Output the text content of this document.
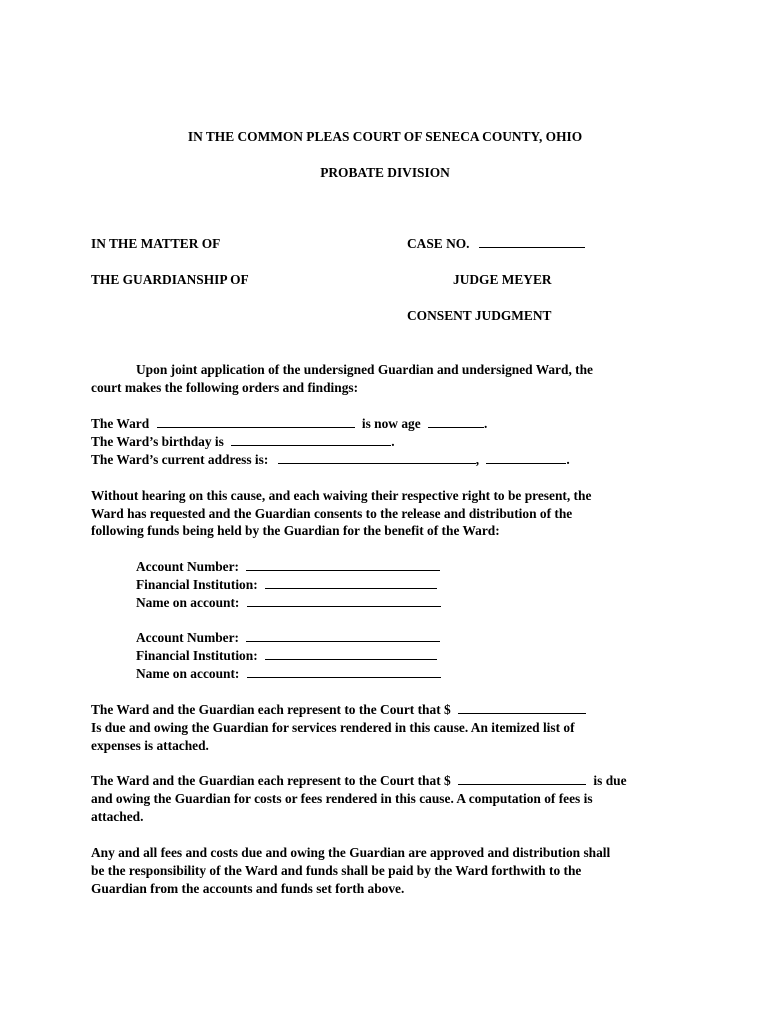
IN THE COMMON PLEAS COURT OF SENECA COUNTY, OHIO
PROBATE DIVISION
IN THE MATTER OF	CASE NO.
THE GUARDIANSHIP OF	JUDGE MEYER
CONSENT JUDGMENT
Upon joint application of the undersigned Guardian and undersigned Ward, the
court makes the following orders and findings:
The Ward	is now age	.
The Ward’s birthday is	.
The Ward’s current address is:	,	.
Without hearing on this cause, and each waiving their respective right to be present, the
Ward has requested and the Guardian consents to the release and distribution of the
following funds being held by the Guardian for the benefit of the Ward:
Account Number:
Financial Institution:
Name on account:
Account Number:
Financial Institution:
Name on account:
The Ward and the Guardian each represent to the Court that $
Is due and owing the Guardian for services rendered in this cause. An itemized list of
expenses is attached.
The Ward and the Guardian each represent to the Court that $	is due
and owing the Guardian for costs or fees rendered in this cause. A computation of fees is
attached.
Any and all fees and costs due and owing the Guardian are approved and distribution shall
be the responsibility of the Ward and funds shall be paid by the Ward forthwith to the
Guardian from the accounts and funds set forth above.
